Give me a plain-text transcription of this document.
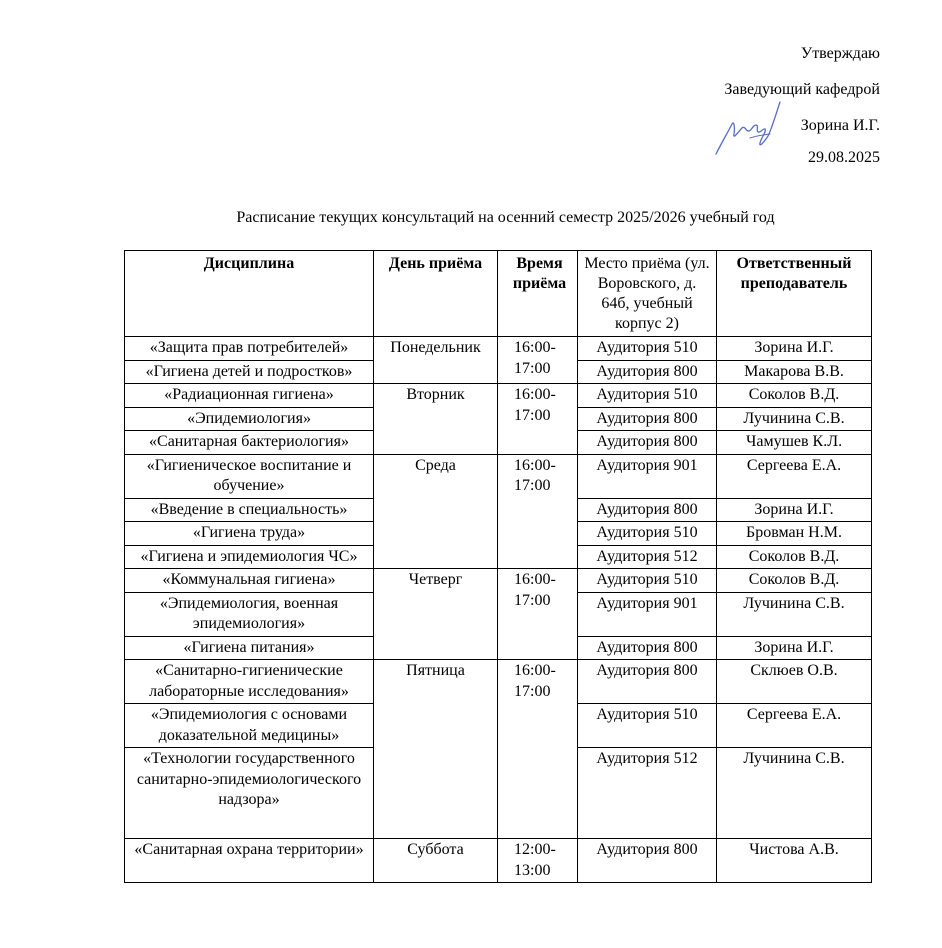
Утверждаю
Заведующий кафедрой
Зорина И.Г.
29.08.2025
Расписание текущих консультаций на осенний семестр 2025/2026 учебный год
Дисциплина	День приёма	Время приёма	Место приёма (ул. Воровского, д. 64б, учебный корпус 2)	Ответственный преподаватель
«Защита прав потребителей»	Понедельник	16:00-17:00	Аудитория 510	Зорина И.Г.
«Гигиена детей и подростков»			Аудитория 800	Макарова В.В.
«Радиационная гигиена»	Вторник	16:00-17:00	Аудитория 510	Соколов В.Д.
«Эпидемиология»			Аудитория 800	Лучинина С.В.
«Санитарная бактериология»			Аудитория 800	Чамушев К.Л.
«Гигиеническое воспитание и обучение»	Среда	16:00-17:00	Аудитория 901	Сергеева Е.А.
«Введение в специальность»			Аудитория 800	Зорина И.Г.
«Гигиена труда»			Аудитория 510	Бровман Н.М.
«Гигиена и эпидемиология ЧС»			Аудитория 512	Соколов В.Д.
«Коммунальная гигиена»	Четверг	16:00-17:00	Аудитория 510	Соколов В.Д.
«Эпидемиология, военная эпидемиология»			Аудитория 901	Лучинина С.В.
«Гигиена питания»			Аудитория 800	Зорина И.Г.
«Санитарно-гигиенические лабораторные исследования»	Пятница	16:00-17:00	Аудитория 800	Склюев О.В.
«Эпидемиология с основами доказательной медицины»			Аудитория 510	Сергеева Е.А.
«Технологии государственного санитарно-эпидемиологического надзора»			Аудитория 512	Лучинина С.В.
«Санитарная охрана территории»	Суббота	12:00-13:00	Аудитория 800	Чистова А.В.
